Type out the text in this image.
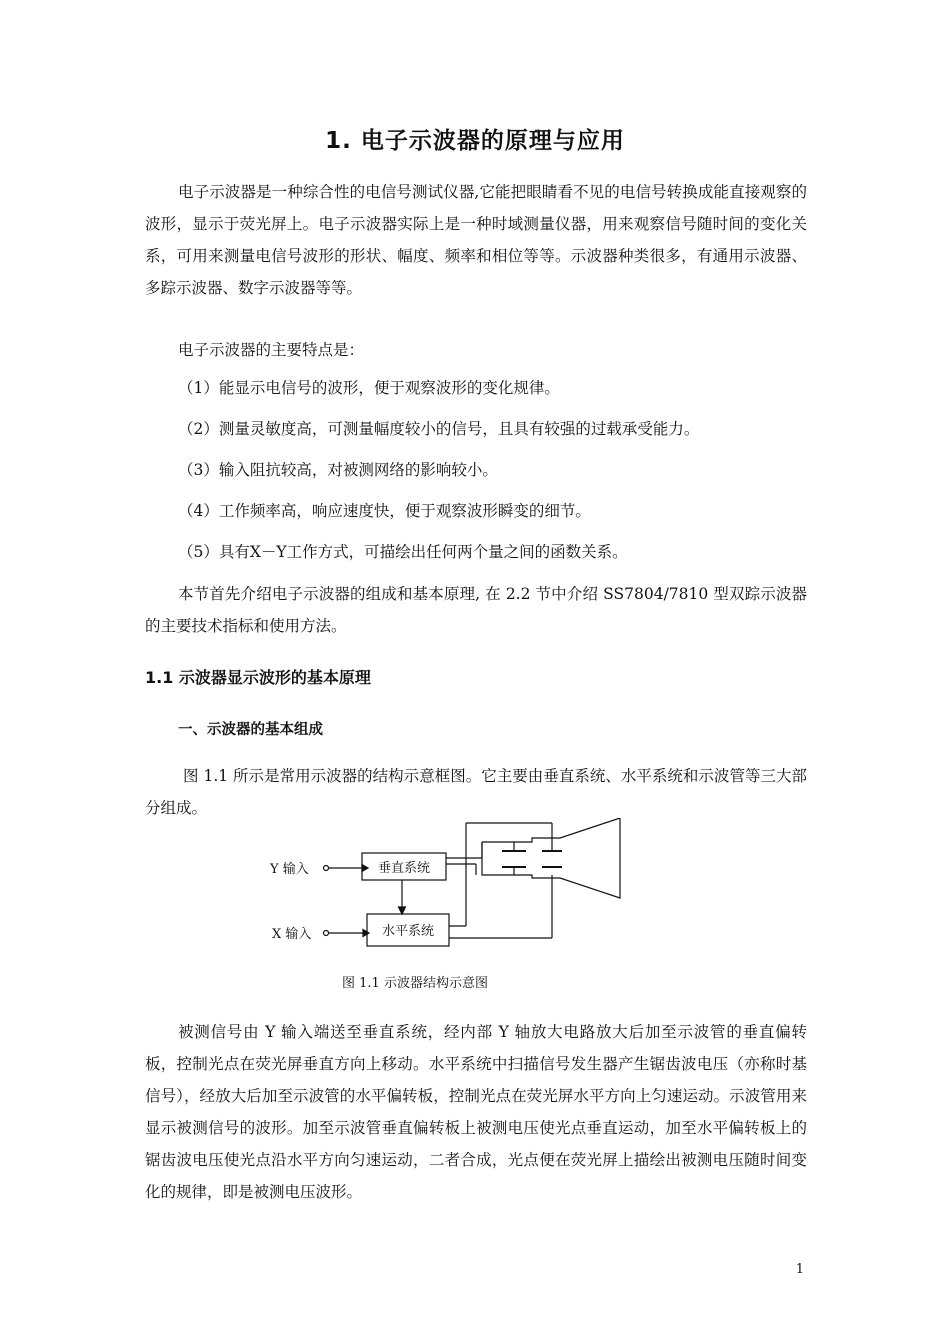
1. 电子示波器的原理与应用

电子示波器是一种综合性的电信号测试仪器,它能把眼睛看不见的电信号转换成能直接观察的波形，显示于荧光屏上。电子示波器实际上是一种时域测量仪器，用来观察信号随时间的变化关系，可用来测量电信号波形的形状、幅度、频率和相位等等。示波器种类很多，有通用示波器、多踪示波器、数字示波器等等。

电子示波器的主要特点是：

（1）能显示电信号的波形，便于观察波形的变化规律。

（2）测量灵敏度高，可测量幅度较小的信号，且具有较强的过载承受能力。

（3）输入阻抗较高，对被测网络的影响较小。

（4）工作频率高，响应速度快，便于观察波形瞬变的细节。

（5）具有X－Y工作方式，可描绘出任何两个量之间的函数关系。

本节首先介绍电子示波器的组成和基本原理, 在 2.2 节中介绍 SS7804/7810 型双踪示波器的主要技术指标和使用方法。

1.1 示波器显示波形的基本原理
一、示波器的基本组成

图 1.1 所示是常用示波器的结构示意框图。它主要由垂直系统、水平系统和示波管等三大部分组成。

Y 输入
X 输入
垂直系统
水平系统
图 1.1 示波器结构示意图

被测信号由 Y 输入端送至垂直系统，经内部 Y 轴放大电路放大后加至示波管的垂直偏转板，控制光点在荧光屏垂直方向上移动。水平系统中扫描信号发生器产生锯齿波电压（亦称时基信号），经放大后加至示波管的水平偏转板，控制光点在荧光屏水平方向上匀速运动。示波管用来显示被测信号的波形。加至示波管垂直偏转板上被测电压使光点垂直运动，加至水平偏转板上的锯齿波电压使光点沿水平方向匀速运动，二者合成，光点便在荧光屏上描绘出被测电压随时间变化的规律，即是被测电压波形。

1
